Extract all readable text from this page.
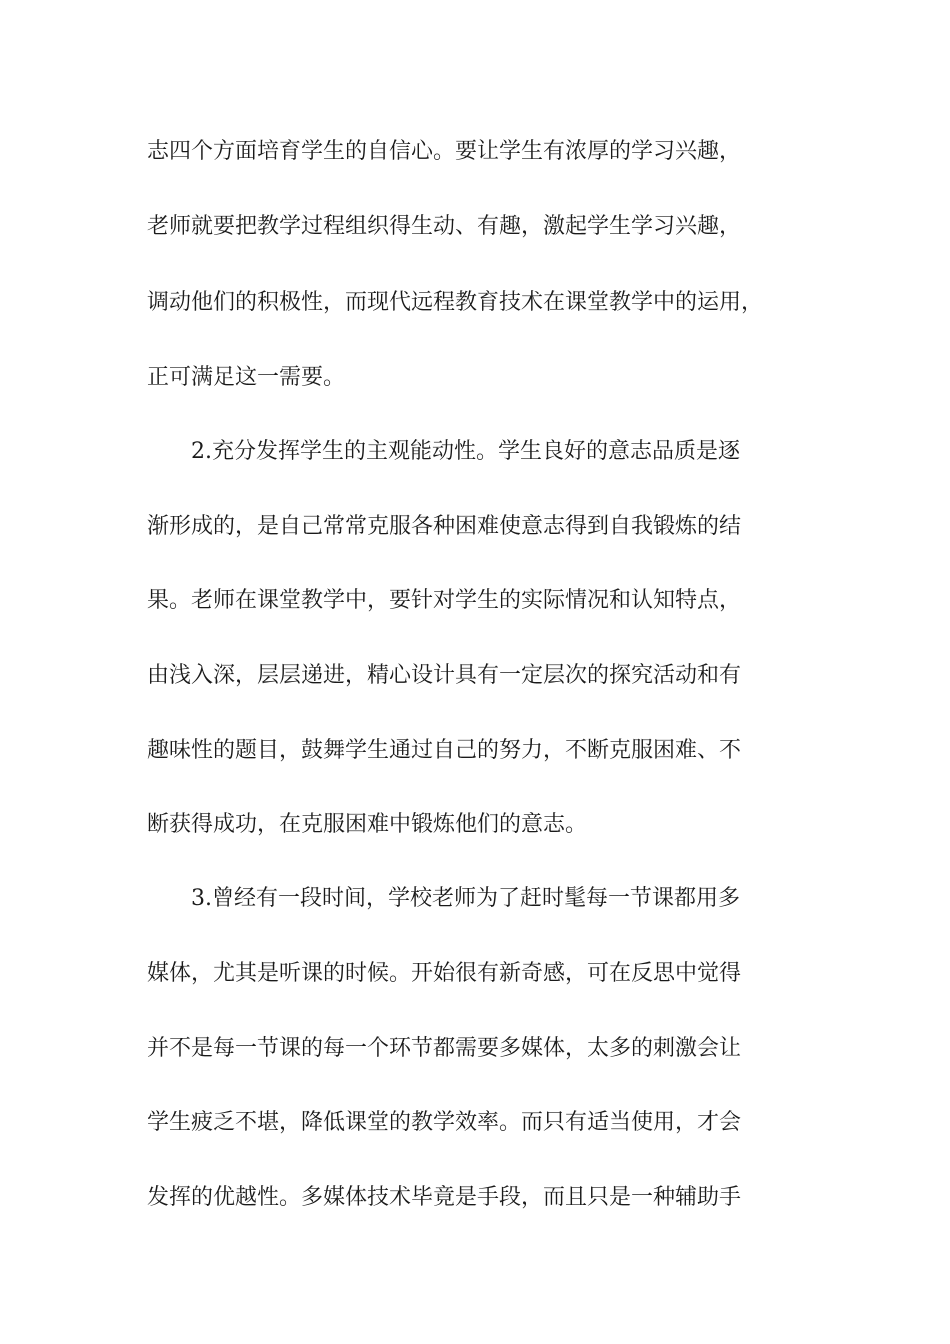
志四个方面培育学生的自信心。要让学生有浓厚的学习兴趣，
老师就要把教学过程组织得生动、有趣，激起学生学习兴趣，
调动他们的积极性，而现代远程教育技术在课堂教学中的运用，
正可满足这一需要。
2.充分发挥学生的主观能动性。学生良好的意志品质是逐
渐形成的，是自己常常克服各种困难使意志得到自我锻炼的结
果。老师在课堂教学中，要针对学生的实际情况和认知特点，
由浅入深，层层递进，精心设计具有一定层次的探究活动和有
趣味性的题目，鼓舞学生通过自己的努力，不断克服困难、不
断获得成功，在克服困难中锻炼他们的意志。
3.曾经有一段时间，学校老师为了赶时髦每一节课都用多
媒体，尤其是听课的时候。开始很有新奇感，可在反思中觉得
并不是每一节课的每一个环节都需要多媒体，太多的刺激会让
学生疲乏不堪，降低课堂的教学效率。而只有适当使用，才会
发挥的优越性。多媒体技术毕竟是手段，而且只是一种辅助手
